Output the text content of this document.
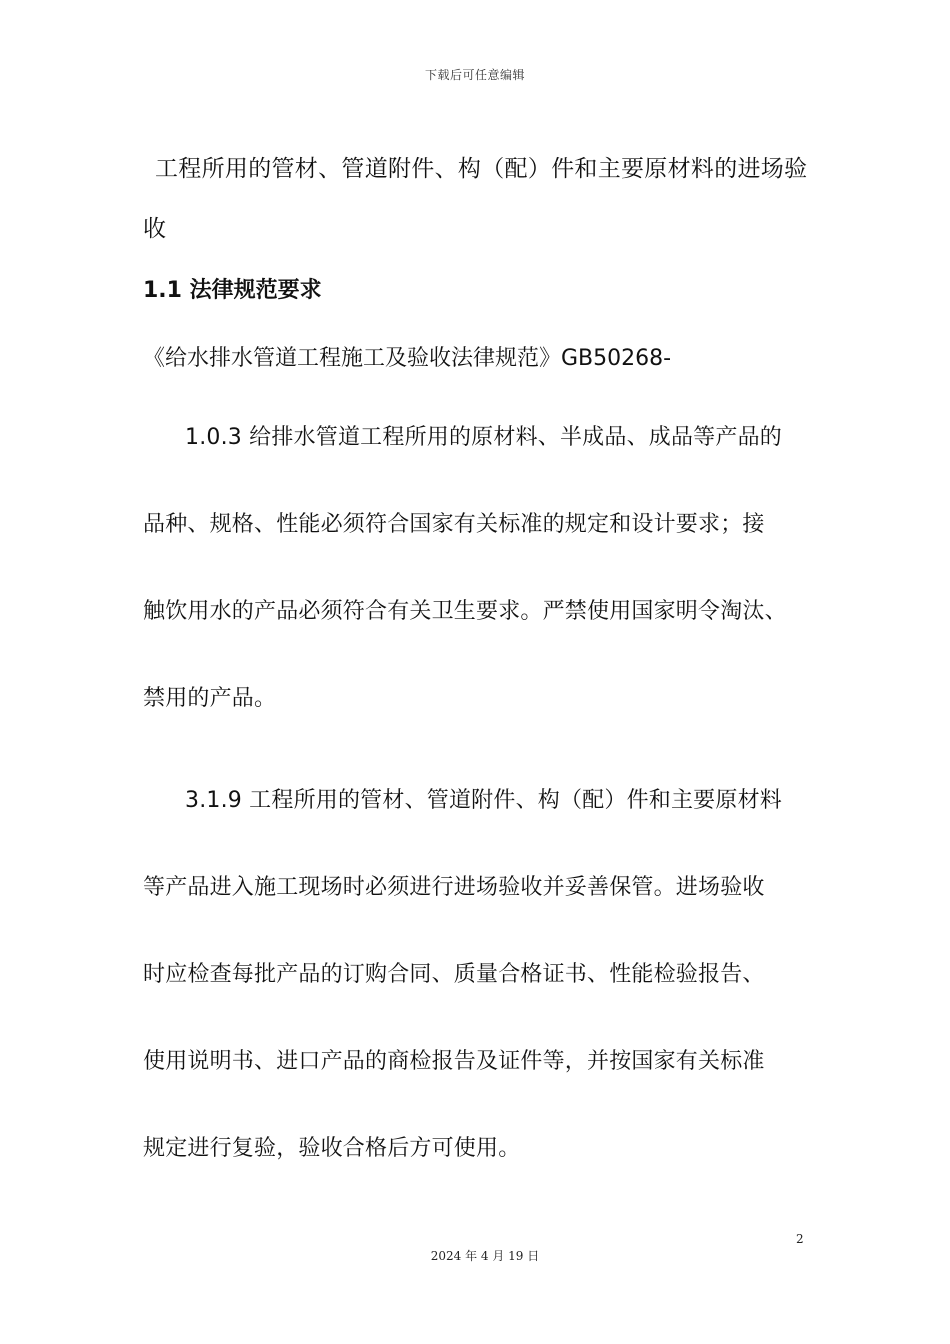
下载后可任意编辑
工程所用的管材、管道附件、构（配）件和主要原材料的进场验
收
1.1 法律规范要求
《给水排水管道工程施工及验收法律规范》GB50268-
1.0.3 给排水管道工程所用的原材料、半成品、成品等产品的
品种、规格、性能必须符合国家有关标准的规定和设计要求；接
触饮用水的产品必须符合有关卫生要求。严禁使用国家明令淘汰、
禁用的产品。
3.1.9 工程所用的管材、管道附件、构（配）件和主要原材料
等产品进入施工现场时必须进行进场验收并妥善保管。进场验收
时应检查每批产品的订购合同、质量合格证书、性能检验报告、
使用说明书、进口产品的商检报告及证件等，并按国家有关标准
规定进行复验，验收合格后方可使用。
2
2024 年 4 月 19 日
